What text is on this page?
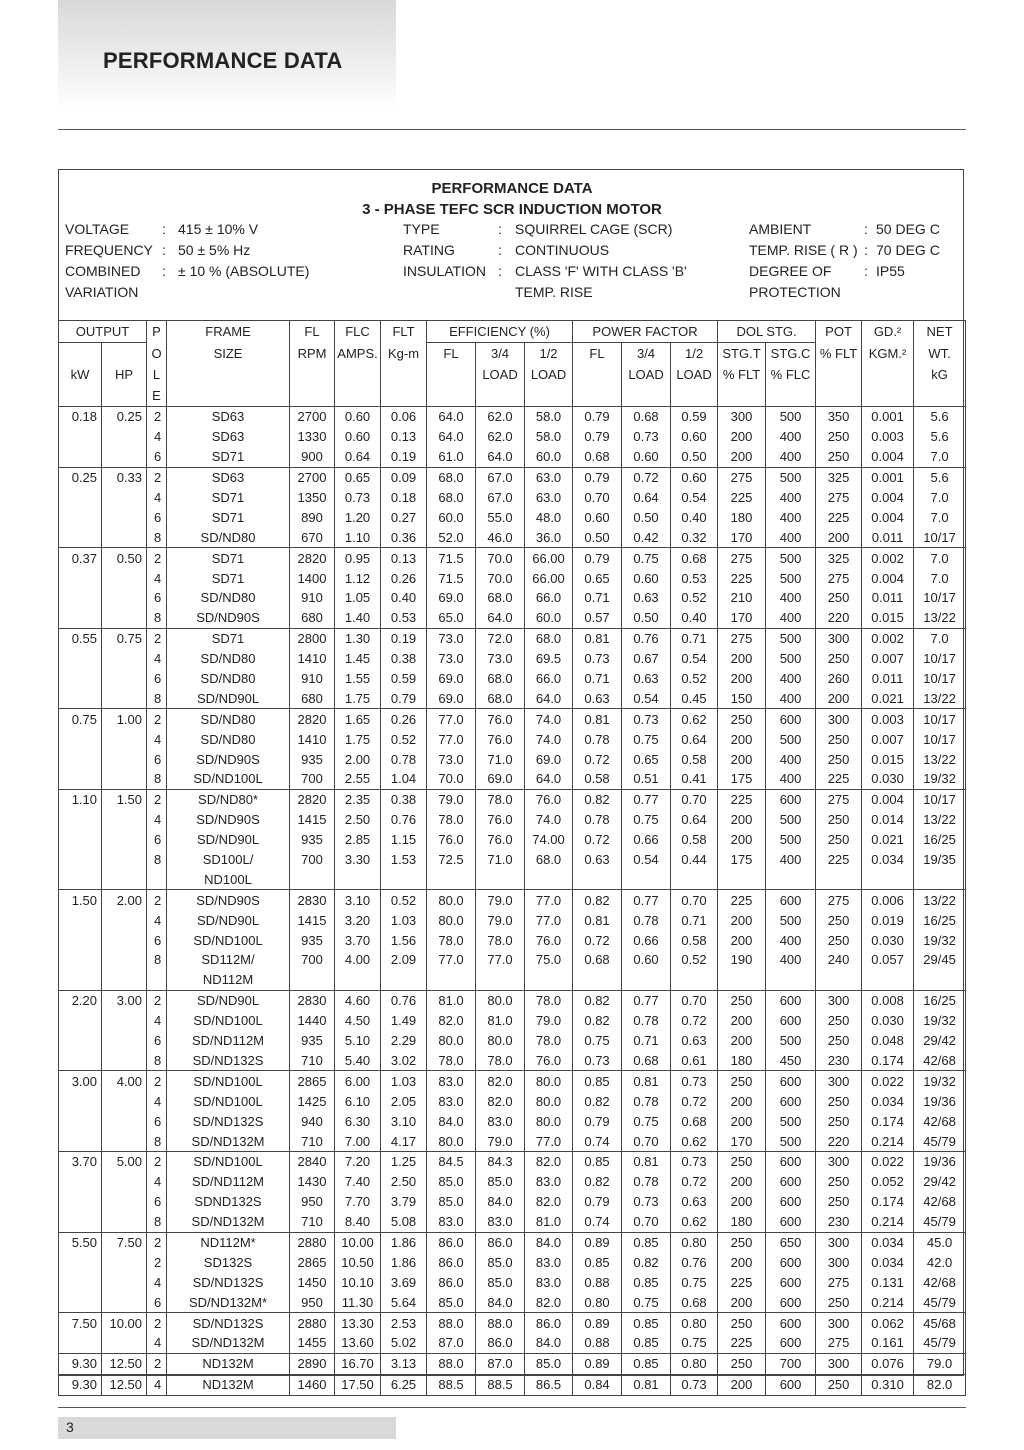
PERFORMANCE DATA
PERFORMANCE DATA
3 - PHASE TEFC SCR INDUCTION MOTOR
VOLTAGE : 415 ± 10% V
FREQUENCY : 50 ± 5% Hz
COMBINED : ± 10 % (ABSOLUTE)
VARIATION
TYPE	: SQUIRREL CAGE (SCR)
RATING	: CONTINUOUS
INSULATION : CLASS 'F' WITH CLASS 'B'
TEMP. RISE
AMBIENT	: 50 DEG C
TEMP. RISE ( R ) : 70 DEG C
DEGREE OF : IP55
PROTECTION
OUTPUT		P	FRAME	FL	FLC	FLT	EFFICIENCY (%)			POWER FACTOR			DOL STG.		POT	GD.²	NET
		O	SIZE	RPM	AMPS.	Kg-m	FL	3/4	1/2	FL	3/4	1/2	STG.T	STG.C	% FLT	KGM.²	WT.
kW	HP	L						LOAD	LOAD		LOAD	LOAD	% FLT	% FLC			kG
		E															
0.18	0.25	2	SD63	2700	0.60	0.06	64.0	62.0	58.0	0.79	0.68	0.59	300	500	350	0.001	5.6
		4	SD63	1330	0.60	0.13	64.0	62.0	58.0	0.79	0.73	0.60	200	400	250	0.003	5.6
		6	SD71	900	0.64	0.19	61.0	64.0	60.0	0.68	0.60	0.50	200	400	250	0.004	7.0
0.25	0.33	2	SD63	2700	0.65	0.09	68.0	67.0	63.0	0.79	0.72	0.60	275	500	325	0.001	5.6
		4	SD71	1350	0.73	0.18	68.0	67.0	63.0	0.70	0.64	0.54	225	400	275	0.004	7.0
		6	SD71	890	1.20	0.27	60.0	55.0	48.0	0.60	0.50	0.40	180	400	225	0.004	7.0
		8	SD/ND80	670	1.10	0.36	52.0	46.0	36.0	0.50	0.42	0.32	170	400	200	0.011	10/17
0.37	0.50	2	SD71	2820	0.95	0.13	71.5	70.0	66.00	0.79	0.75	0.68	275	500	325	0.002	7.0
		4	SD71	1400	1.12	0.26	71.5	70.0	66.00	0.65	0.60	0.53	225	500	275	0.004	7.0
		6	SD/ND80	910	1.05	0.40	69.0	68.0	66.0	0.71	0.63	0.52	210	400	250	0.011	10/17
		8	SD/ND90S	680	1.40	0.53	65.0	64.0	60.0	0.57	0.50	0.40	170	400	220	0.015	13/22
0.55	0.75	2	SD71	2800	1.30	0.19	73.0	72.0	68.0	0.81	0.76	0.71	275	500	300	0.002	7.0
		4	SD/ND80	1410	1.45	0.38	73.0	73.0	69.5	0.73	0.67	0.54	200	500	250	0.007	10/17
		6	SD/ND80	910	1.55	0.59	69.0	68.0	66.0	0.71	0.63	0.52	200	400	260	0.011	10/17
		8	SD/ND90L	680	1.75	0.79	69.0	68.0	64.0	0.63	0.54	0.45	150	400	200	0.021	13/22
0.75	1.00	2	SD/ND80	2820	1.65	0.26	77.0	76.0	74.0	0.81	0.73	0.62	250	600	300	0.003	10/17
		4	SD/ND80	1410	1.75	0.52	77.0	76.0	74.0	0.78	0.75	0.64	200	500	250	0.007	10/17
		6	SD/ND90S	935	2.00	0.78	73.0	71.0	69.0	0.72	0.65	0.58	200	400	250	0.015	13/22
		8	SD/ND100L	700	2.55	1.04	70.0	69.0	64.0	0.58	0.51	0.41	175	400	225	0.030	19/32
1.10	1.50	2	SD/ND80*	2820	2.35	0.38	79.0	78.0	76.0	0.82	0.77	0.70	225	600	275	0.004	10/17
		4	SD/ND90S	1415	2.50	0.76	78.0	76.0	74.0	0.78	0.75	0.64	200	500	250	0.014	13/22
		6	SD/ND90L	935	2.85	1.15	76.0	76.0	74.00	0.72	0.66	0.58	200	500	250	0.021	16/25
		8	SD100L/	700	3.30	1.53	72.5	71.0	68.0	0.63	0.54	0.44	175	400	225	0.034	19/35
			ND100L														
1.50	2.00	2	SD/ND90S	2830	3.10	0.52	80.0	79.0	77.0	0.82	0.77	0.70	225	600	275	0.006	13/22
		4	SD/ND90L	1415	3.20	1.03	80.0	79.0	77.0	0.81	0.78	0.71	200	500	250	0.019	16/25
		6	SD/ND100L	935	3.70	1.56	78.0	78.0	76.0	0.72	0.66	0.58	200	400	250	0.030	19/32
		8	SD112M/	700	4.00	2.09	77.0	77.0	75.0	0.68	0.60	0.52	190	400	240	0.057	29/45
			ND112M														
2.20	3.00	2	SD/ND90L	2830	4.60	0.76	81.0	80.0	78.0	0.82	0.77	0.70	250	600	300	0.008	16/25
		4	SD/ND100L	1440	4.50	1.49	82.0	81.0	79.0	0.82	0.78	0.72	200	600	250	0.030	19/32
		6	SD/ND112M	935	5.10	2.29	80.0	80.0	78.0	0.75	0.71	0.63	200	500	250	0.048	29/42
		8	SD/ND132S	710	5.40	3.02	78.0	78.0	76.0	0.73	0.68	0.61	180	450	230	0.174	42/68
3.00	4.00	2	SD/ND100L	2865	6.00	1.03	83.0	82.0	80.0	0.85	0.81	0.73	250	600	300	0.022	19/32
		4	SD/ND100L	1425	6.10	2.05	83.0	82.0	80.0	0.82	0.78	0.72	200	600	250	0.034	19/36
		6	SD/ND132S	940	6.30	3.10	84.0	83.0	80.0	0.79	0.75	0.68	200	500	250	0.174	42/68
		8	SD/ND132M	710	7.00	4.17	80.0	79.0	77.0	0.74	0.70	0.62	170	500	220	0.214	45/79
3.70	5.00	2	SD/ND100L	2840	7.20	1.25	84.5	84.3	82.0	0.85	0.81	0.73	250	600	300	0.022	19/36
		4	SD/ND112M	1430	7.40	2.50	85.0	85.0	83.0	0.82	0.78	0.72	200	600	250	0.052	29/42
		6	SDND132S	950	7.70	3.79	85.0	84.0	82.0	0.79	0.73	0.63	200	600	250	0.174	42/68
		8	SD/ND132M	710	8.40	5.08	83.0	83.0	81.0	0.74	0.70	0.62	180	600	230	0.214	45/79
5.50	7.50	2	ND112M*	2880	10.00	1.86	86.0	86.0	84.0	0.89	0.85	0.80	250	650	300	0.034	45.0
		2	SD132S	2865	10.50	1.86	86.0	85.0	83.0	0.85	0.82	0.76	200	600	300	0.034	42.0
		4	SD/ND132S	1450	10.10	3.69	86.0	85.0	83.0	0.88	0.85	0.75	225	600	275	0.131	42/68
		6	SD/ND132M*	950	11.30	5.64	85.0	84.0	82.0	0.80	0.75	0.68	200	600	250	0.214	45/79
7.50	10.00	2	SD/ND132S	2880	13.30	2.53	88.0	88.0	86.0	0.89	0.85	0.80	250	600	300	0.062	45/68
		4	SD/ND132M	1455	13.60	5.02	87.0	86.0	84.0	0.88	0.85	0.75	225	600	275	0.161	45/79
9.30	12.50	2	ND132M	2890	16.70	3.13	88.0	87.0	85.0	0.89	0.85	0.80	250	700	300	0.076	79.0
9.30	12.50	4	ND132M	1460	17.50	6.25	88.5	88.5	86.5	0.84	0.81	0.73	200	600	250	0.310	82.0
3
